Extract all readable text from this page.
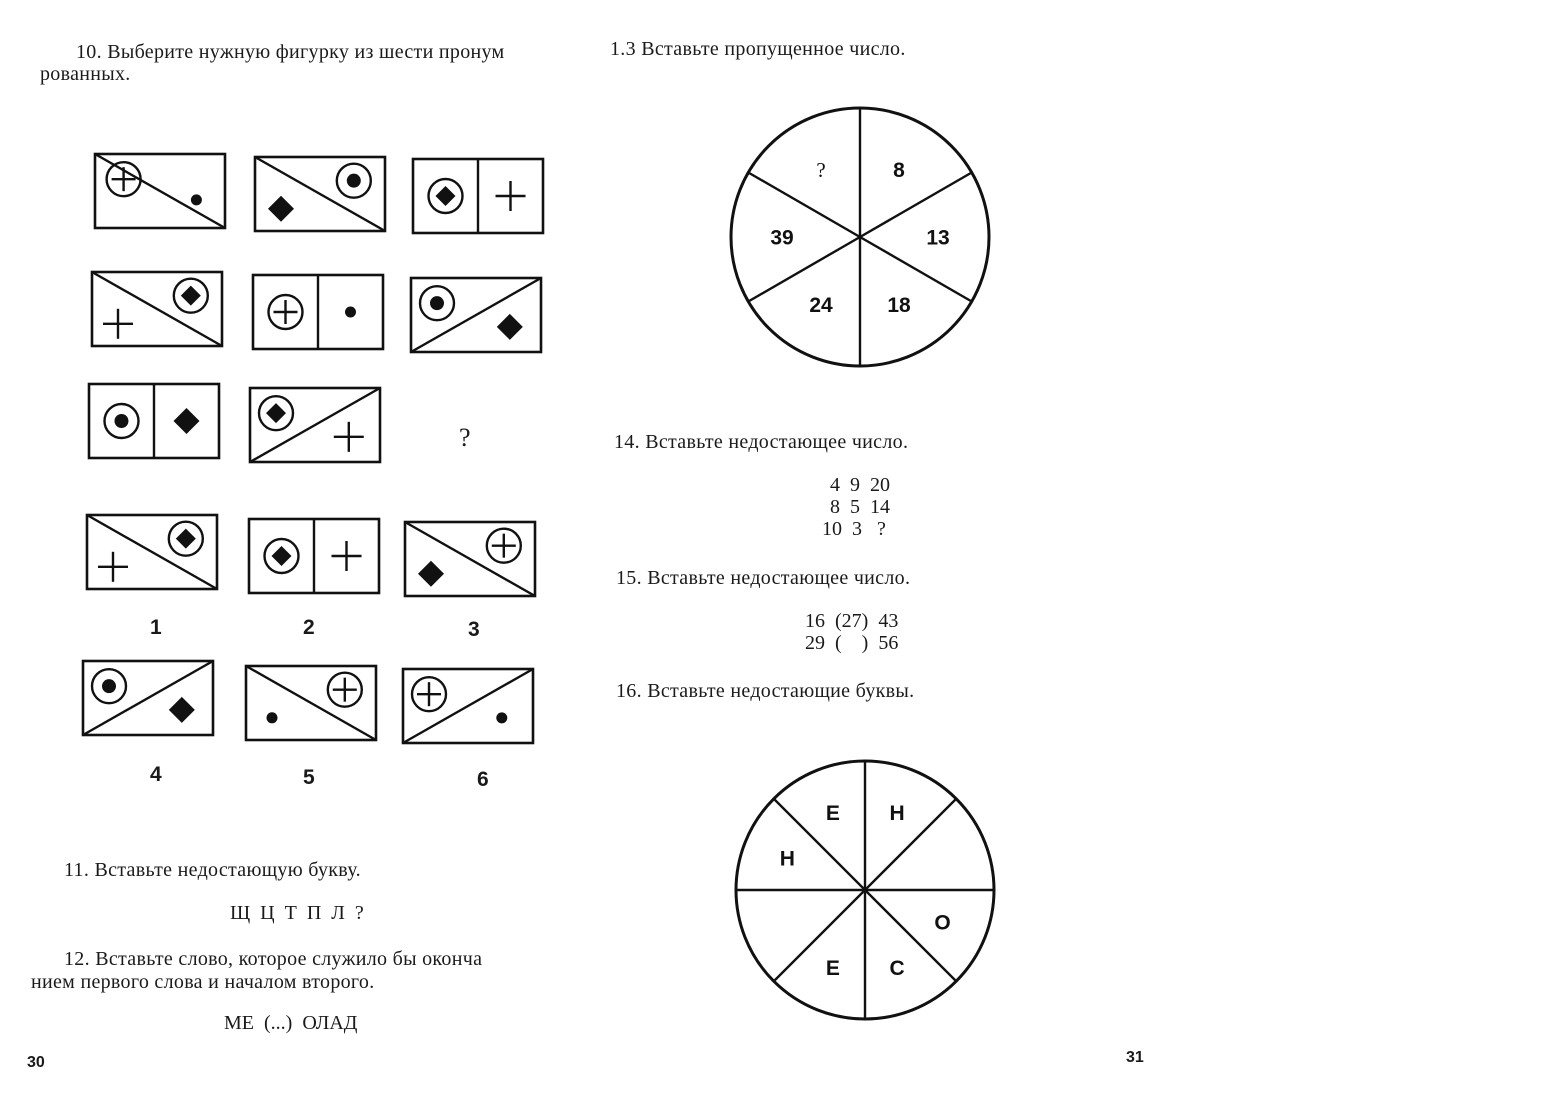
10. Выберите нужную фигурку из шести пронум
рованных.
?
1	2	3
4	5	6
11. Вставьте недостающую букву.
Щ  Ц  Т  П  Л  ?
12. Вставьте слово, которое служило бы оконча
нием первого слова и началом второго.
МЕ  (...)  ОЛАД
30
1.3 Вставьте пропущенное число.
?	8
13
18
24
39
Н
О
С
Е
Н
Е
14. Вставьте недостающее число.
4  9  20
8  5  14
10  3   ?
15. Вставьте недостающее число.
16  (27)  43
29  (    )  56
16. Вставьте недостающие буквы.
31
